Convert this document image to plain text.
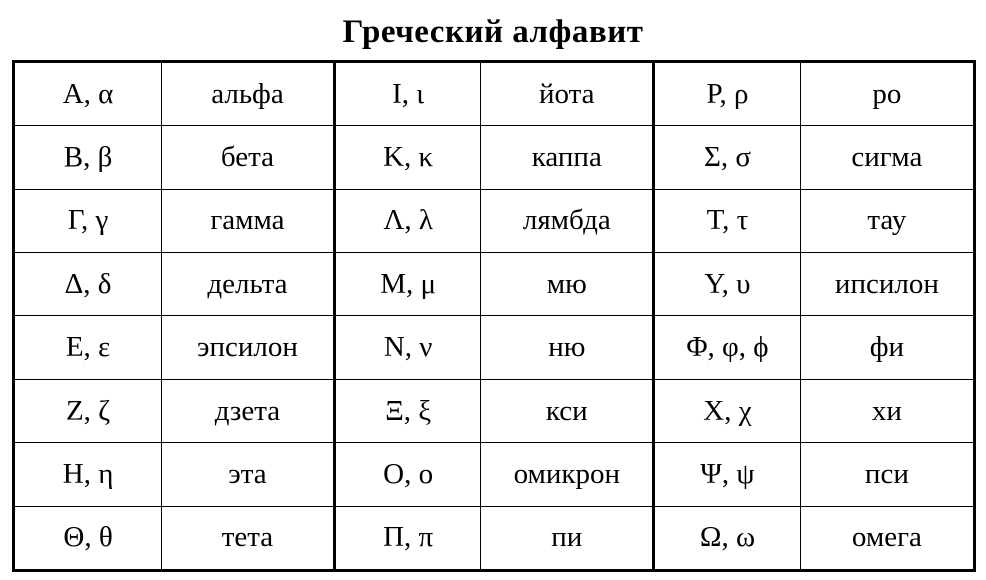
Греческий алфавит
Α, α	альфа	Ι, ι	йота	Ρ, ρ	ро
Β, β	бета	Κ, κ	каппа	Σ, σ	сигма
Γ, γ	гамма	Λ, λ	лямбда	Τ, τ	тау
Δ, δ	дельта	Μ, μ	мю	Υ, υ	ипсилон
Ε, ε	эпсилон	Ν, ν	ню	Φ, φ, ϕ	фи
Ζ, ζ	дзета	Ξ, ξ	кси	Χ, χ	хи
Η, η	эта	Ο, ο	омикрон	Ψ, ψ	пси
Θ, θ	тета	Π, π	пи	Ω, ω	омега
